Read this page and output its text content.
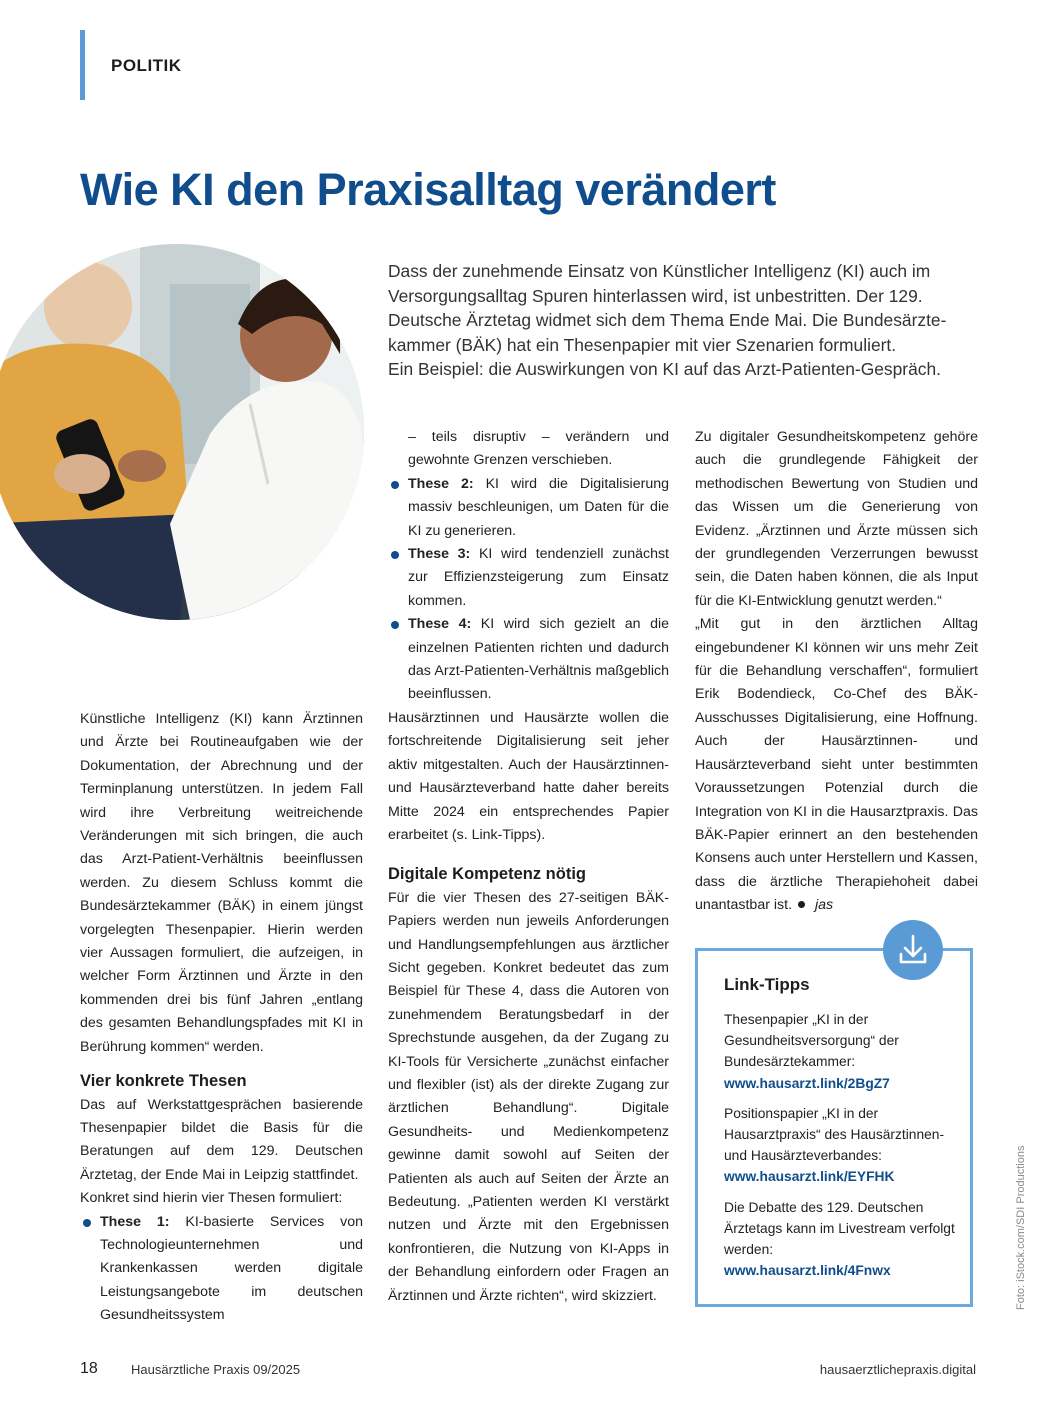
POLITIK
Wie KI den Praxisalltag verändert

Dass der zunehmende Einsatz von Künstlicher Intelligenz (KI) auch im Versorgungsalltag Spuren hinterlassen wird, ist unbestritten. Der 129. Deutsche Ärztetag widmet sich dem Thema Ende Mai. Die Bundesärztekammer (BÄK) hat ein Thesenpapier mit vier Szenarien formuliert.

Ein Beispiel: die Auswirkungen von KI auf das Arzt-Patienten-Gespräch.

Künstliche Intelligenz (KI) kann Ärztinnen und Ärzte bei Routineaufgaben wie der Dokumentation, der Abrechnung und der Terminplanung unterstützen. In jedem Fall wird ihre Verbreitung weitreichende Veränderungen mit sich bringen, die auch das Arzt-Patient-Verhältnis beeinflussen werden. Zu diesem Schluss kommt die Bundesärztekammer (BÄK) in einem jüngst vorgelegten Thesenpapier. Hierin werden vier Aussagen formuliert, die aufzeigen, in welcher Form Ärztinnen und Ärzte in den kommenden drei bis fünf Jahren „entlang des gesamten Behandlungspfades mit KI in Berührung kommen“ werden.

Vier konkrete Thesen

Das auf Werkstattgesprächen basierende Thesenpapier bildet die Basis für die Beratungen auf dem 129. Deutschen Ärztetag, der Ende Mai in Leipzig stattfindet.

Konkret sind hierin vier Thesen formuliert:

These 1: KI-basierte Services von Technologieunternehmen und Krankenkassen werden digitale Leistungsangebote im deutschen Gesundheitssystem

– teils disruptiv – verändern und gewohnte Grenzen verschieben.

These 2: KI wird die Digitalisierung massiv beschleunigen, um Daten für die KI zu generieren.
These 3: KI wird tendenziell zunächst zur Effizienzsteigerung zum Einsatz kommen.
These 4: KI wird sich gezielt an die einzelnen Patienten richten und dadurch das Arzt-Patienten-Verhältnis maßgeblich beeinflussen.

Hausärztinnen und Hausärzte wollen die fortschreitende Digitalisierung seit jeher aktiv mitgestalten. Auch der Hausärztinnen- und Hausärzteverband hatte daher bereits Mitte 2024 ein entsprechendes Papier erarbeitet (s. Link-Tipps).

Digitale Kompetenz nötig

Für die vier Thesen des 27-seitigen BÄK-Papiers werden nun jeweils Anforderungen und Handlungsempfehlungen aus ärztlicher Sicht gegeben. Konkret bedeutet das zum Beispiel für These 4, dass die Autoren von zunehmendem Beratungsbedarf in der Sprechstunde ausgehen, da der Zugang zu KI-Tools für Versicherte „zunächst einfacher und flexibler (ist) als der direkte Zugang zur ärztlichen Behandlung“. Digitale Gesundheits- und Medienkompetenz gewinne damit sowohl auf Seiten der Patienten als auch auf Seiten der Ärzte an Bedeutung. „Patienten werden KI verstärkt nutzen und Ärzte mit den Ergebnissen konfrontieren, die Nutzung von KI-Apps in der Behandlung einfordern oder Fragen an Ärztinnen und Ärzte richten“, wird skizziert.

Zu digitaler Gesundheitskompetenz gehöre auch die grundlegende Fähigkeit der methodischen Bewertung von Studien und das Wissen um die Generierung von Evidenz. „Ärztinnen und Ärzte müssen sich der grundlegenden Verzerrungen bewusst sein, die Daten haben können, die als Input für die KI-Entwicklung genutzt werden.“

„Mit gut in den ärztlichen Alltag eingebundener KI können wir uns mehr Zeit für die Behandlung verschaffen“, formuliert Erik Bodendieck, Co-Chef des BÄK-Ausschusses Digitalisierung, eine Hoffnung. Auch der Hausärztinnen- und Hausärzteverband sieht unter bestimmten Voraussetzungen Potenzial durch die Integration von KI in die Hausarztpraxis. Das BÄK-Papier erinnert an den bestehenden Konsens auch unter Herstellern und Kassen, dass die ärztliche Therapiehoheit dabei unantastbar ist. jas

Link-Tipps
Thesenpapier „KI in der Gesundheitsversorgung“ der Bundesärztekammer:
www.hausarzt.link/2BgZ7
Positionspapier „KI in der Hausarztpraxis“ des Hausärztinnen- und Hausärzteverbandes:
www.hausarzt.link/EYFHK
Die Debatte des 129. Deutschen Ärztetags kann im Livestream verfolgt werden:
www.hausarzt.link/4Fnwx	Foto: iStock.com/SDI Productions
18	Hausärztliche Praxis 09/2025	hausaerztlichepraxis.digital
